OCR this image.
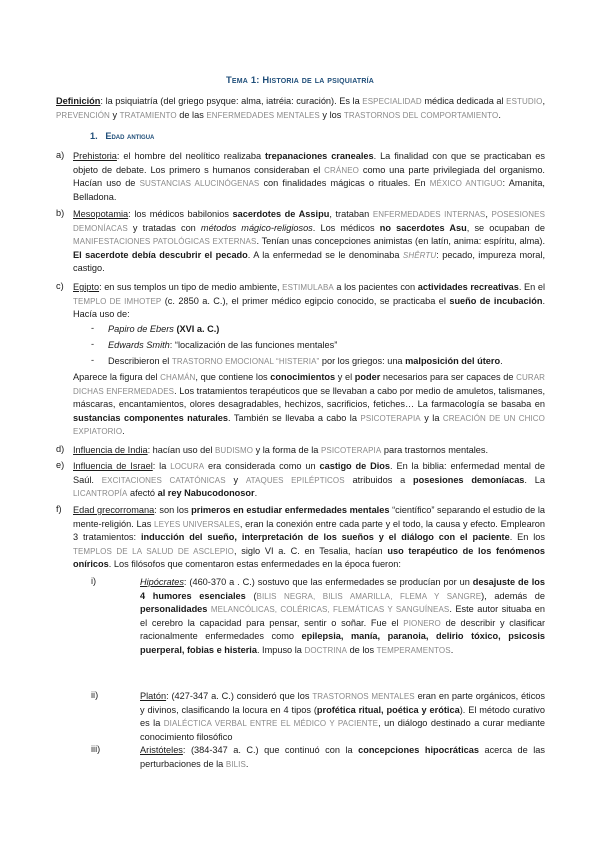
Tema 1: Historia de la psiquiatría
Definición: la psiquiatría (del griego psyque: alma, iatréia: curación). Es la ESPECIALIDAD médica dedicada al ESTUDIO, PREVENCIÓN y TRATAMIENTO de las ENFERMEDADES MENTALES y los TRASTORNOS DEL COMPORTAMIENTO.
1. Edad antigua
a) Prehistoria: el hombre del neolítico realizaba trepanaciones craneales. La finalidad con que se practicaban es objeto de debate. Los primero s humanos consideraban el CRÁNEO como una parte privilegiada del organismo. Hacían uso de SUSTANCIAS ALUCINÓGENAS con finalidades mágicas o rituales. En MÉXICO ANTIGUO: Amanita, Belladona.
b) Mesopotamia: los médicos babilonios sacerdotes de Assipu, trataban ENFERMEDADES INTERNAS, POSESIONES DEMONÍACAS y tratadas con métodos mágico-religiosos. Los médicos no sacerdotes Asu, se ocupaban de MANIFESTACIONES PATOLÓGICAS EXTERNAS. Tenían unas concepciones animistas (en latín, anima: espíritu, alma). El sacerdote debía descubrir el pecado. A la enfermedad se le denominaba SHÊRTU: pecado, impureza moral, castigo.
c) Egipto: en sus templos un tipo de medio ambiente, ESTIMULABA a los pacientes con actividades recreativas. En el TEMPLO DE IMHOTEP (c. 2850 a. C.), el primer médico egipcio conocido, se practicaba el sueño de incubación. Hacía uso de:
- Papiro de Ebers (XVI a. C.)
- Edwards Smith: “localización de las funciones mentales”
- Describieron el TRASTORNO EMOCIONAL “HISTERIA” por los griegos: una malposición del útero.
Aparece la figura del CHAMÁN, que contiene los conocimientos y el poder necesarios para ser capaces de CURAR DICHAS ENFERMEDADES. Los tratamientos terapéuticos que se llevaban a cabo por medio de amuletos, talismanes, máscaras, encantamientos, olores desagradables, hechizos, sacrificios, fetiches… La farmacología se basaba en sustancias componentes naturales. También se llevaba a cabo la PSICOTERAPIA y la CREACIÓN DE UN CHICO EXPIATORIO.
d) Influencia de India: hacían uso del BUDISMO y la forma de la PSICOTERAPIA para trastornos mentales.
e) Influencia de Israel: la LOCURA era considerada como un castigo de Dios. En la biblia: enfermedad mental de Saúl. EXCITACIONES CATATÓNICAS y ATAQUES EPILÉPTICOS atribuidos a posesiones demoníacas. La LICANTROPÍA afectó al rey Nabucodonosor.
f) Edad grecorromana: son los primeros en estudiar enfermedades mentales “científico” separando el estudio de la mente-religión. Las LEYES UNIVERSALES, eran la conexión entre cada parte y el todo, la causa y efecto. Emplearon 3 tratamientos: inducción del sueño, interpretación de los sueños y el diálogo con el paciente. En los TEMPLOS DE LA SALUD DE ASCLEPIO, siglo VI a. C. en Tesalia, hacían uso terapéutico de los fenómenos oníricos. Los filósofos que comentaron estas enfermedades en la época fueron:
i)	Hipócrates: (460-370 a . C.) sostuvo que las enfermedades se producían por un desajuste de los 4 humores esenciales (BILIS NEGRA, BILIS AMARILLA, FLEMA Y SANGRE), además de personalidades MELANCÓLICAS, COLÉRICAS, FLEMÁTICAS Y SANGUÍNEAS. Este autor situaba en el cerebro la capacidad para pensar, sentir o soñar. Fue el PIONERO de describir y clasificar racionalmente enfermedades como epilepsia, manía, paranoia, delirio tóxico, psicosis puerperal, fobias e histeria. Impuso la DOCTRINA de los TEMPERAMENTOS.
ii)	Platón: (427-347 a. C.) consideró que los TRASTORNOS MENTALES eran en parte orgánicos, éticos y divinos, clasificando la locura en 4 tipos (profética ritual, poética y erótica). El método curativo es la DIALÉCTICA VERBAL ENTRE EL MÉDICO Y PACIENTE, un diálogo destinado a curar mediante conocimiento filosófico
iii)	Aristóteles: (384-347 a. C.) que continuó con la concepciones hipocráticas acerca de las perturbaciones de la BILIS.
